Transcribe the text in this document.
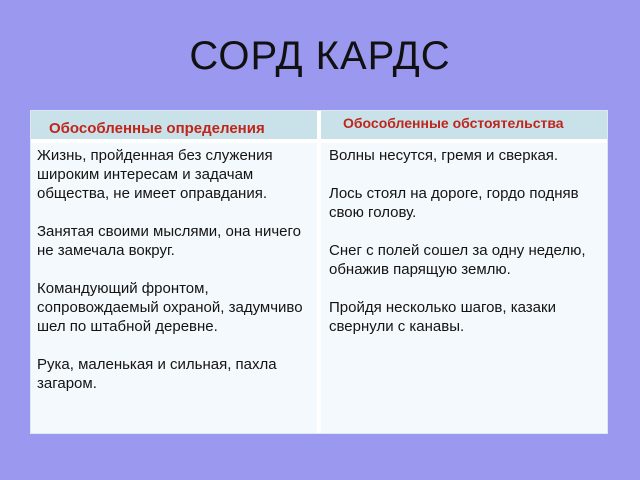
СОРД КАРДС
Обособленные определения	Обособленные обстоятельства

Жизнь, пройденная без служения широким интересам и задачам общества, не имеет оправдания.

Занятая своими мыслями, она ничего не замечала вокруг.

Командующий фронтом, сопровождаемый охраной, задумчиво шел по штабной деревне.

Рука, маленькая и сильная, пахла загаром.

Волны несутся, гремя и сверкая.

Лось стоял на дороге, гордо подняв свою голову.

Снег с полей сошел за одну неделю, обнажив парящую землю.

Пройдя несколько шагов, казаки свернули с канавы.
